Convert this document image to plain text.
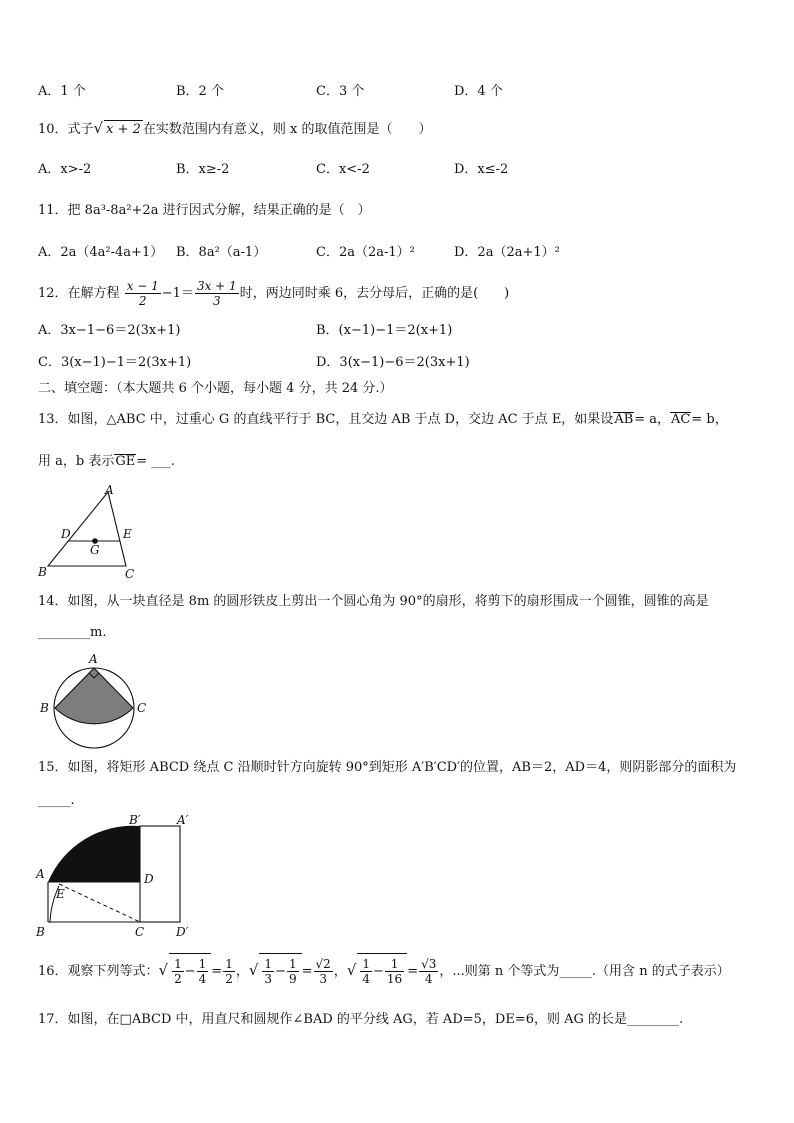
A．1 个	B．2 个	C．3 个	D．4 个
10．式子√ x + 2 在实数范围内有意义，则 x 的取值范围是（　　）
A．x>-2	B．x≥-2	C．x<-2	D．x≤-2
11．把 8a³-8a²+2a 进行因式分解，结果正确的是（　）
A．2a（4a²-4a+1） B．8a²（a-1）	C．2a（2a-1）²	D．2a（2a+1）²
12．在解方程 $\frac{x - 1}{2} -1= \frac{3x + 1}{3}$ 时，两边同时乘 6，去分母后，正确的是(　　)
A．3x−1−6＝2(3x+1)	B．(x−1)−1＝2(x+1)
C．3(x−1)−1＝2(3x+1)	D．3(x−1)−6＝2(3x+1)
二、填空题：（本大题共 6 个小题，每小题 4 分，共 24 分.）
13．如图，△ABC 中，过重心 G 的直线平行于 BC，且交边 AB 于点 D，交边 AC 于点 E，如果设AB= a，AC= b，
用 a，b 表示GE= ___.
A
B	C
D	E
G
14．如图，从一块直径是 8m 的圆形铁皮上剪出一个圆心角为 90°的扇形，将剪下的扇形围成一个圆锥，圆锥的高是
________m.
A
B	C
15．如图，将矩形 ABCD 绕点 C 沿顺时针方向旋转 90°到矩形 A′B′CD′的位置，AB＝2，AD＝4，则阴影部分的面积为
_____.
A
E
B	C
D
D′
B′	A′
16．观察下列等式：√ $\frac{1}{2} - \frac{1}{4} = \frac{1}{2}$ ，√ $\frac{1}{3} - \frac{1}{9} = \frac{√2}{3}$ ，√ $\frac{1}{4} - \frac{1}{16} = \frac{√3}{4}$ ，...则第 n 个等式为_____.（用含 n 的式子表示）
17．如图，在□ABCD 中，用直尺和圆规作∠BAD 的平分线 AG，若 AD=5，DE=6，则 AG 的长是________.
